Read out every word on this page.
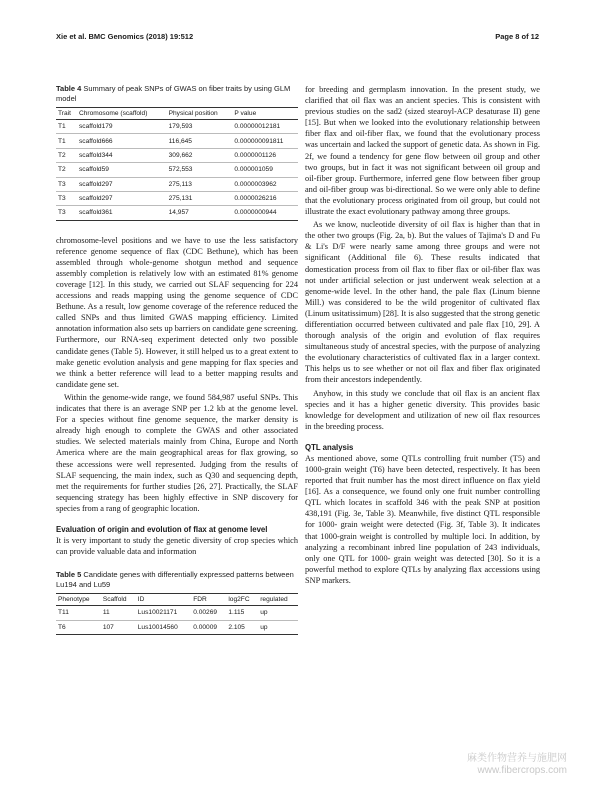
Xie et al. BMC Genomics (2018) 19:512	Page 8 of 12
Table 4 Summary of peak SNPs of GWAS on fiber traits by using GLM model
Trait	Chromosome (scaffold)	Physical position	P value
T1	scaffold179	179,593	0.00000012181
T1	scaffold666	116,645	0.000000091811
T2	scaffold344	309,662	0.0000001126
T2	scaffold59	572,553	0.000001059
T3	scaffold297	275,113	0.0000003962
T3	scaffold297	275,131	0.0000026216
T3	scaffold361	14,957	0.0000000944

chromosome-level positions and we have to use the less satisfactory reference genome sequence of flax (CDC Bethune), which has been assembled through whole-genome shotgun method and sequence assembly completion is relatively low with an estimated 81% genome coverage [12]. In this study, we carried out SLAF sequencing for 224 accessions and reads mapping using the genome sequence of CDC Bethune. As a result, low genome coverage of the reference reduced the called SNPs and thus limited GWAS mapping efficiency. Limited annotation information also sets up barriers on candidate gene screening. Furthermore, our RNA-seq experiment detected only two possible candidate genes (Table 5). However, it still helped us to a great extent to make genetic evolution analysis and gene mapping for flax species and we think a better reference will lead to a better mapping results and candidate gene set.

Within the genome-wide range, we found 584,987 useful SNPs. This indicates that there is an average SNP per 1.2 kb at the genome level. For a species without fine genome sequence, the marker density is already high enough to complete the GWAS and other associated studies. We selected materials mainly from China, Europe and North America where are the main geographical areas for flax growing, so these accessions were well represented. Judging from the results of SLAF sequencing, the main index, such as Q30 and sequencing depth, met the requirements for further studies [26, 27]. Practically, the SLAF sequencing strategy has been highly effective in SNP discovery for species from a rang of geographic location.

Evaluation of origin and evolution of flax at genome level

It is very important to study the genetic diversity of crop species which can provide valuable data and information

Table 5 Candidate genes with differentially expressed patterns between Lu194 and Lu59
Phenotype	Scaffold	ID	FDR	log2FC	regulated
T11	11	Lus10021171	0.00269	1.115	up
T6	107	Lus10014560	0.00009	2.105	up

for breeding and germplasm innovation. In the present study, we clarified that oil flax was an ancient species. This is consistent with previous studies on the sad2 (sized stearoyl-ACP desaturase II) gene [15]. But when we looked into the evolutionary relationship between fiber flax and oil-fiber flax, we found that the evolutionary process was uncertain and lacked the support of genetic data. As shown in Fig. 2f, we found a tendency for gene flow between oil group and other two groups, but in fact it was not significant between oil group and oil-fiber group. Furthermore, inferred gene flow between fiber group and oil-fiber group was bi-directional. So we were only able to define that the evolutionary process originated from oil group, but could not illustrate the exact evolutionary pathway among three groups.

As we know, nucleotide diversity of oil flax is higher than that in the other two groups (Fig. 2a, b). But the values of Tajima's D and Fu & Li's D/F were nearly same among three groups and were not significant (Additional file 6). These results indicated that domestication process from oil flax to fiber flax or oil-fiber flax was not under artificial selection or just underwent weak selection at a genome-wide level. In the other hand, the pale flax (Linum bienne Mill.) was considered to be the wild progenitor of cultivated flax (Linum usitatissimum) [28]. It is also suggested that the strong genetic differentiation occurred between cultivated and pale flax [10, 29]. A thorough analysis of the origin and evolution of flax requires simultaneous study of ancestral species, with the purpose of analyzing the evolutionary characteristics of cultivated flax in a larger context. This helps us to see whether or not oil flax and fiber flax originated from their ancestors independently.

Anyhow, in this study we conclude that oil flax is an ancient flax species and it has a higher genetic diversity. This provides basic knowledge for development and utilization of new oil flax resources in the breeding process.

QTL analysis

As mentioned above, some QTLs controlling fruit number (T5) and 1000-grain weight (T6) have been detected, respectively. It has been reported that fruit number has the most direct influence on flax yield [16]. As a consequence, we found only one fruit number controlling QTL which locates in scaffold 346 with the peak SNP at position 438,191 (Fig. 3e, Table 3). Meanwhile, five distinct QTL responsible for 1000- grain weight were detected (Fig. 3f, Table 3). It indicates that 1000-grain weight is controlled by multiple loci. In addition, by analyzing a recombinant inbred line population of 243 individuals, only one QTL for 1000- grain weight was detected [30]. So it is a powerful method to explore QTLs by analyzing flax accessions using SNP markers.

麻类作物营养与施肥网
www.fibercrops.com
